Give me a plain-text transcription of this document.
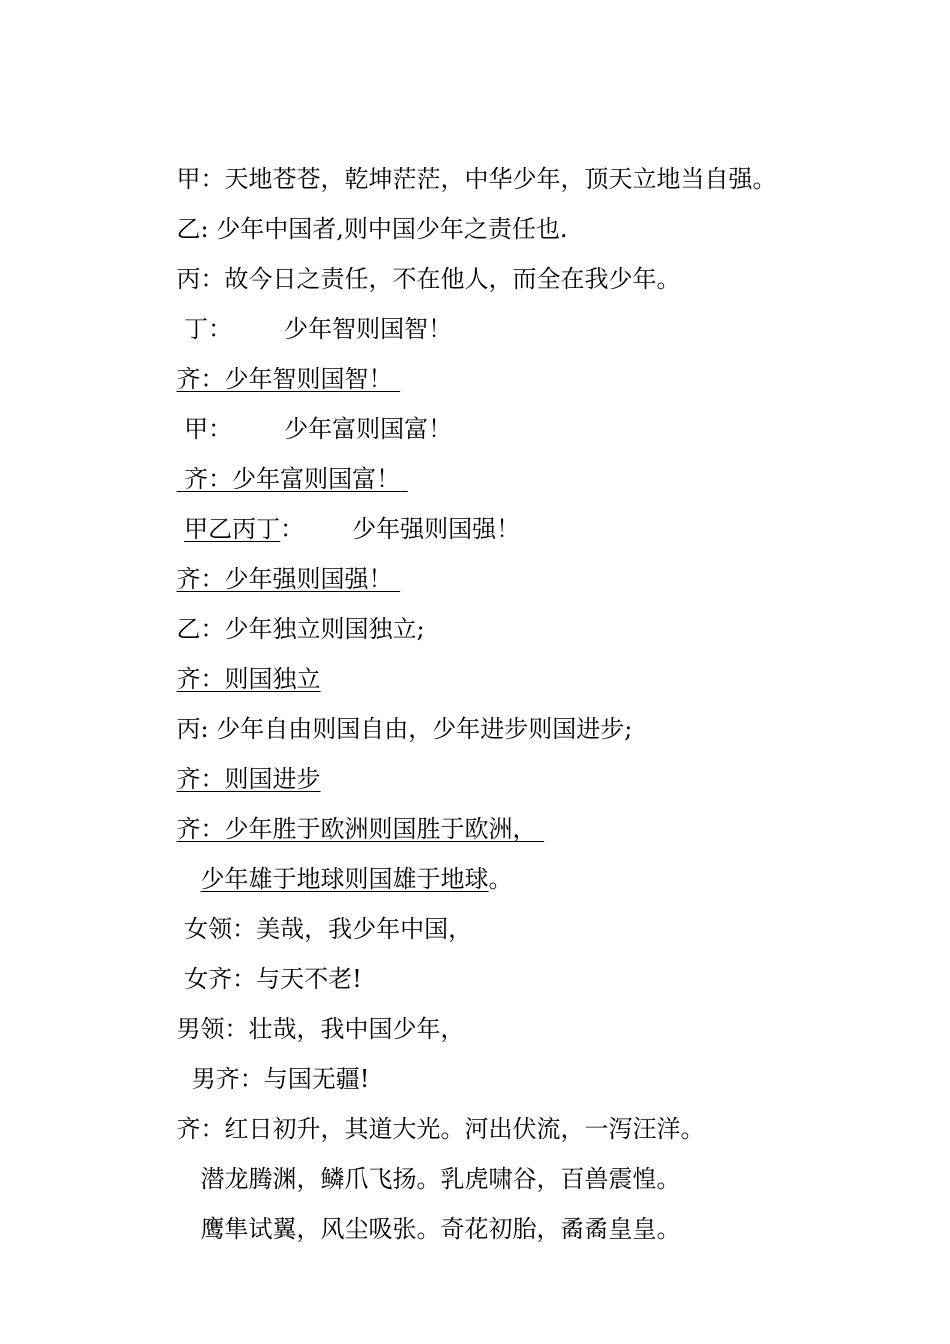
甲：天地苍苍，乾坤茫茫，中华少年，顶天立地当自强。

乙: 少年中国者,则中国少年之责任也.

丙：故今日之责任，不在他人，而全在我少年。

丁： 少年智则国智！

齐：少年智则国智！

甲： 少年富则国富！

齐：少年富则国富！

甲乙丙丁： 少年强则国强！

齐：少年强则国强！

乙：少年独立则国独立;

齐：则国独立

丙: 少年自由则国自由，少年进步则国进步;

齐：则国进步

齐：少年胜于欧洲则国胜于欧洲，

少年雄于地球则国雄于地球。

女领：美哉，我少年中国，

女齐：与天不老!

男领：壮哉，我中国少年，

男齐：与国无疆!

齐：红日初升，其道大光。河出伏流，一泻汪洋。

潜龙腾渊，鳞爪飞扬。乳虎啸谷，百兽震惶。

鹰隼试翼，风尘吸张。奇花初胎，矞矞皇皇。
